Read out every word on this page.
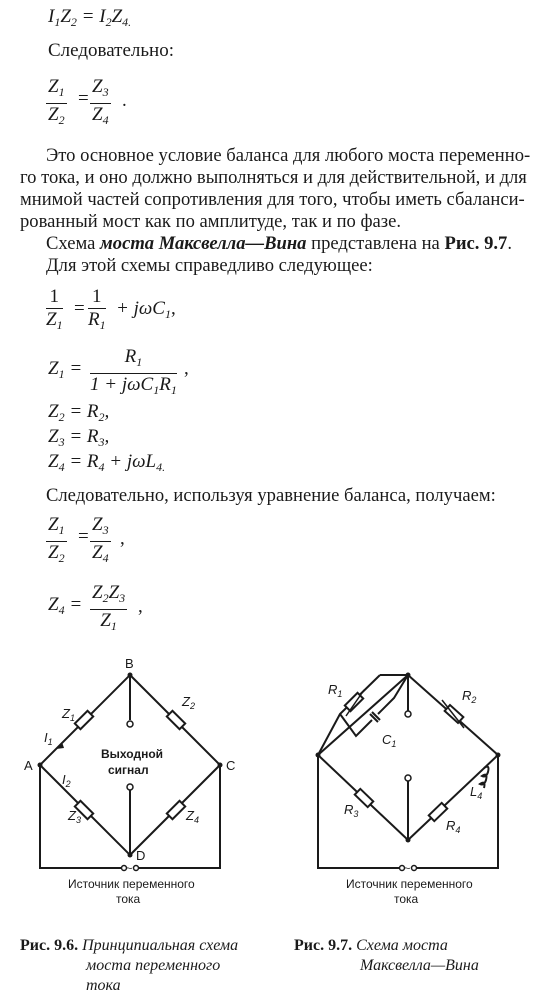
$I_1Z_2 = I_2Z_{4.}$
Следовательно:
$\frac{Z_1}{Z_2} = \frac{Z_3}{Z_4}$ .
Это основное условие баланса для любого моста переменно-
го тока, и оно должно выполняться и для действительной, и для
мнимой частей сопротивления для того, чтобы иметь сбаланси-
рованный мост как по амплитуде, так и по фазе.
Схема моста Максвелла—Вина представлена на Рис. 9.7.
Для этой схемы справедливо следующее:
$\frac{1}{Z_1} = \frac{1}{R_1} + j\omega C_1$,
$Z_1$ =
$R_1$
$1 + j\omega C_1R_1$
,
$Z_2 = R_2$,
$Z_3 = R_3$,
$Z_4 = R_4 + j\omega L_{4.}$
Следовательно, используя уравнение баланса, получаем:
$\frac{Z_1}{Z_2} = \frac{Z_3}{Z_4}$ ,
$Z_4 = \frac{Z_2Z_3}{Z_1}$ ,
B
A	C
D
Выходной
сигнал
~
Источник переменного
тока
$Z_1$
$Z_2$
$Z_3$	$Z_4$
$I_1$
$I_2$
~
Источник переменного
тока
$R_1$
$C_1$
$R_2$
$R_3$
$R_4$
$L_4$
Рис. 9.6. Принципиальная схема
моста переменного
тока
Рис. 9.7. Схема моста
Максвелла—Вина
